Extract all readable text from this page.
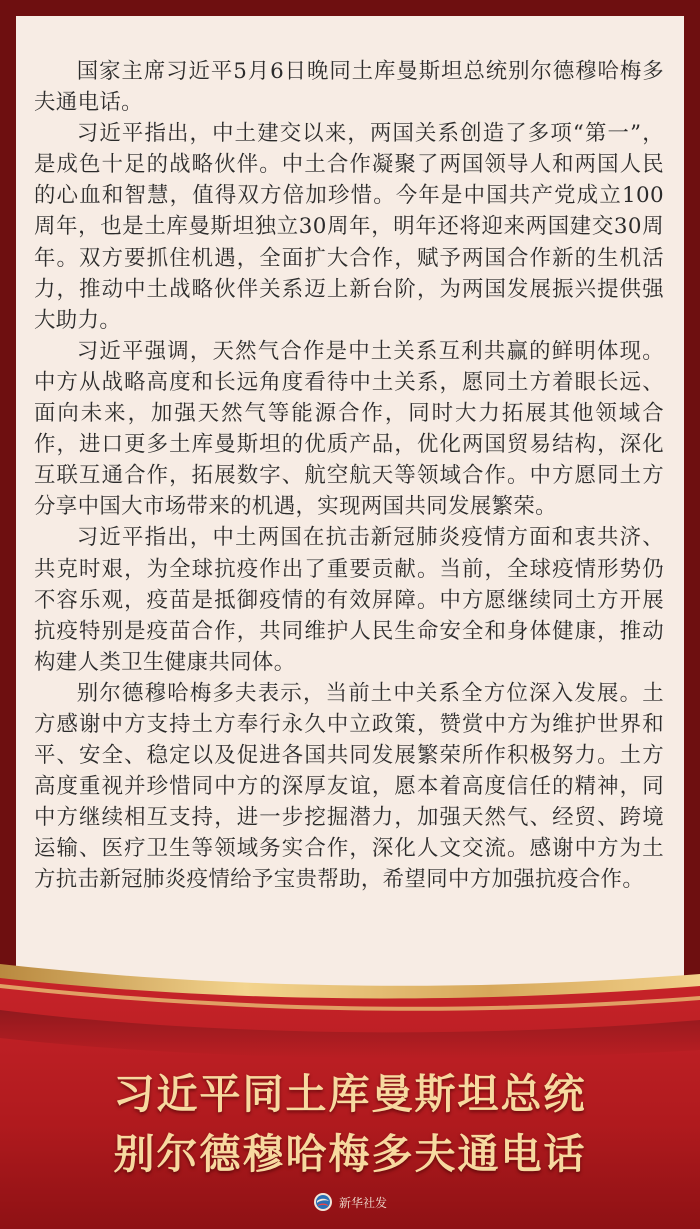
国家主席习近平5月6日晚同土库曼斯坦总统别尔德穆哈梅多夫通电话。

习近平指出，中土建交以来，两国关系创造了多项“第一”，是成色十足的战略伙伴。中土合作凝聚了两国领导人和两国人民的心血和智慧，值得双方倍加珍惜。今年是中国共产党成立100周年，也是土库曼斯坦独立30周年，明年还将迎来两国建交30周年。双方要抓住机遇，全面扩大合作，赋予两国合作新的生机活力，推动中土战略伙伴关系迈上新台阶，为两国发展振兴提供强大助力。

习近平强调，天然气合作是中土关系互利共赢的鲜明体现。中方从战略高度和长远角度看待中土关系，愿同土方着眼长远、面向未来，加强天然气等能源合作，同时大力拓展其他领域合作，进口更多土库曼斯坦的优质产品，优化两国贸易结构，深化互联互通合作，拓展数字、航空航天等领域合作。中方愿同土方分享中国大市场带来的机遇，实现两国共同发展繁荣。

习近平指出，中土两国在抗击新冠肺炎疫情方面和衷共济、共克时艰，为全球抗疫作出了重要贡献。当前，全球疫情形势仍不容乐观，疫苗是抵御疫情的有效屏障。中方愿继续同土方开展抗疫特别是疫苗合作，共同维护人民生命安全和身体健康，推动构建人类卫生健康共同体。

别尔德穆哈梅多夫表示，当前土中关系全方位深入发展。土方感谢中方支持土方奉行永久中立政策，赞赏中方为维护世界和平、安全、稳定以及促进各国共同发展繁荣所作积极努力。土方高度重视并珍惜同中方的深厚友谊，愿本着高度信任的精神，同中方继续相互支持，进一步挖掘潜力，加强天然气、经贸、跨境运输、医疗卫生等领域务实合作，深化人文交流。感谢中方为土方抗击新冠肺炎疫情给予宝贵帮助，希望同中方加强抗疫合作。

习近平同土库曼斯坦总统
别尔德穆哈梅多夫通电话
新华社发
